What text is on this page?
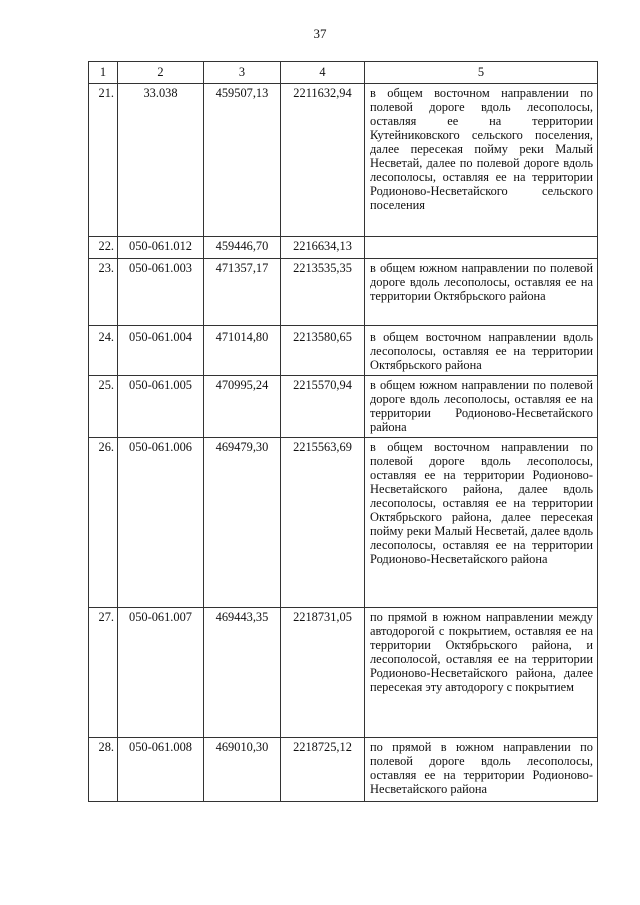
37
1	2	3	4	5
21.	33.038	459507,13	2211632,94	в общем восточном направлении по полевой дороге вдоль лесополосы, оставляя ее на территории Кутейниковского сельского поселения, далее пересекая пойму реки Малый Несветай, далее по полевой дороге вдоль лесополосы, оставляя ее на территории Родионово-Несветайского сельского поселения
22.	050-061.012	459446,70	2216634,13	
23.	050-061.003	471357,17	2213535,35	в общем южном направлении по полевой дороге вдоль лесополосы, оставляя ее на территории Октябрьского района
24.	050-061.004	471014,80	2213580,65	в общем восточном направлении вдоль лесополосы, оставляя ее на территории Октябрьского района
25.	050-061.005	470995,24	2215570,94	в общем южном направлении по полевой дороге вдоль лесополосы, оставляя ее на территории Родионово-Несветайского района
26.	050-061.006	469479,30	2215563,69	в общем восточном направлении по полевой дороге вдоль лесополосы, оставляя ее на территории Родионово-Несветайского района, далее вдоль лесополосы, оставляя ее на территории Октябрьского района, далее пересекая пойму реки Малый Несветай, далее вдоль лесополосы, оставляя ее на территории Родионово-Несветайского района
27.	050-061.007	469443,35	2218731,05	по прямой в южном направлении между автодорогой с покрытием, оставляя ее на территории Октябрьского района, и лесополосой, оставляя ее на территории Родионово-Несветайского района, далее пересекая эту автодорогу с покрытием
28.	050-061.008	469010,30	2218725,12	по прямой в южном направлении по полевой дороге вдоль лесополосы, оставляя ее на территории Родионово-Несветайского района
